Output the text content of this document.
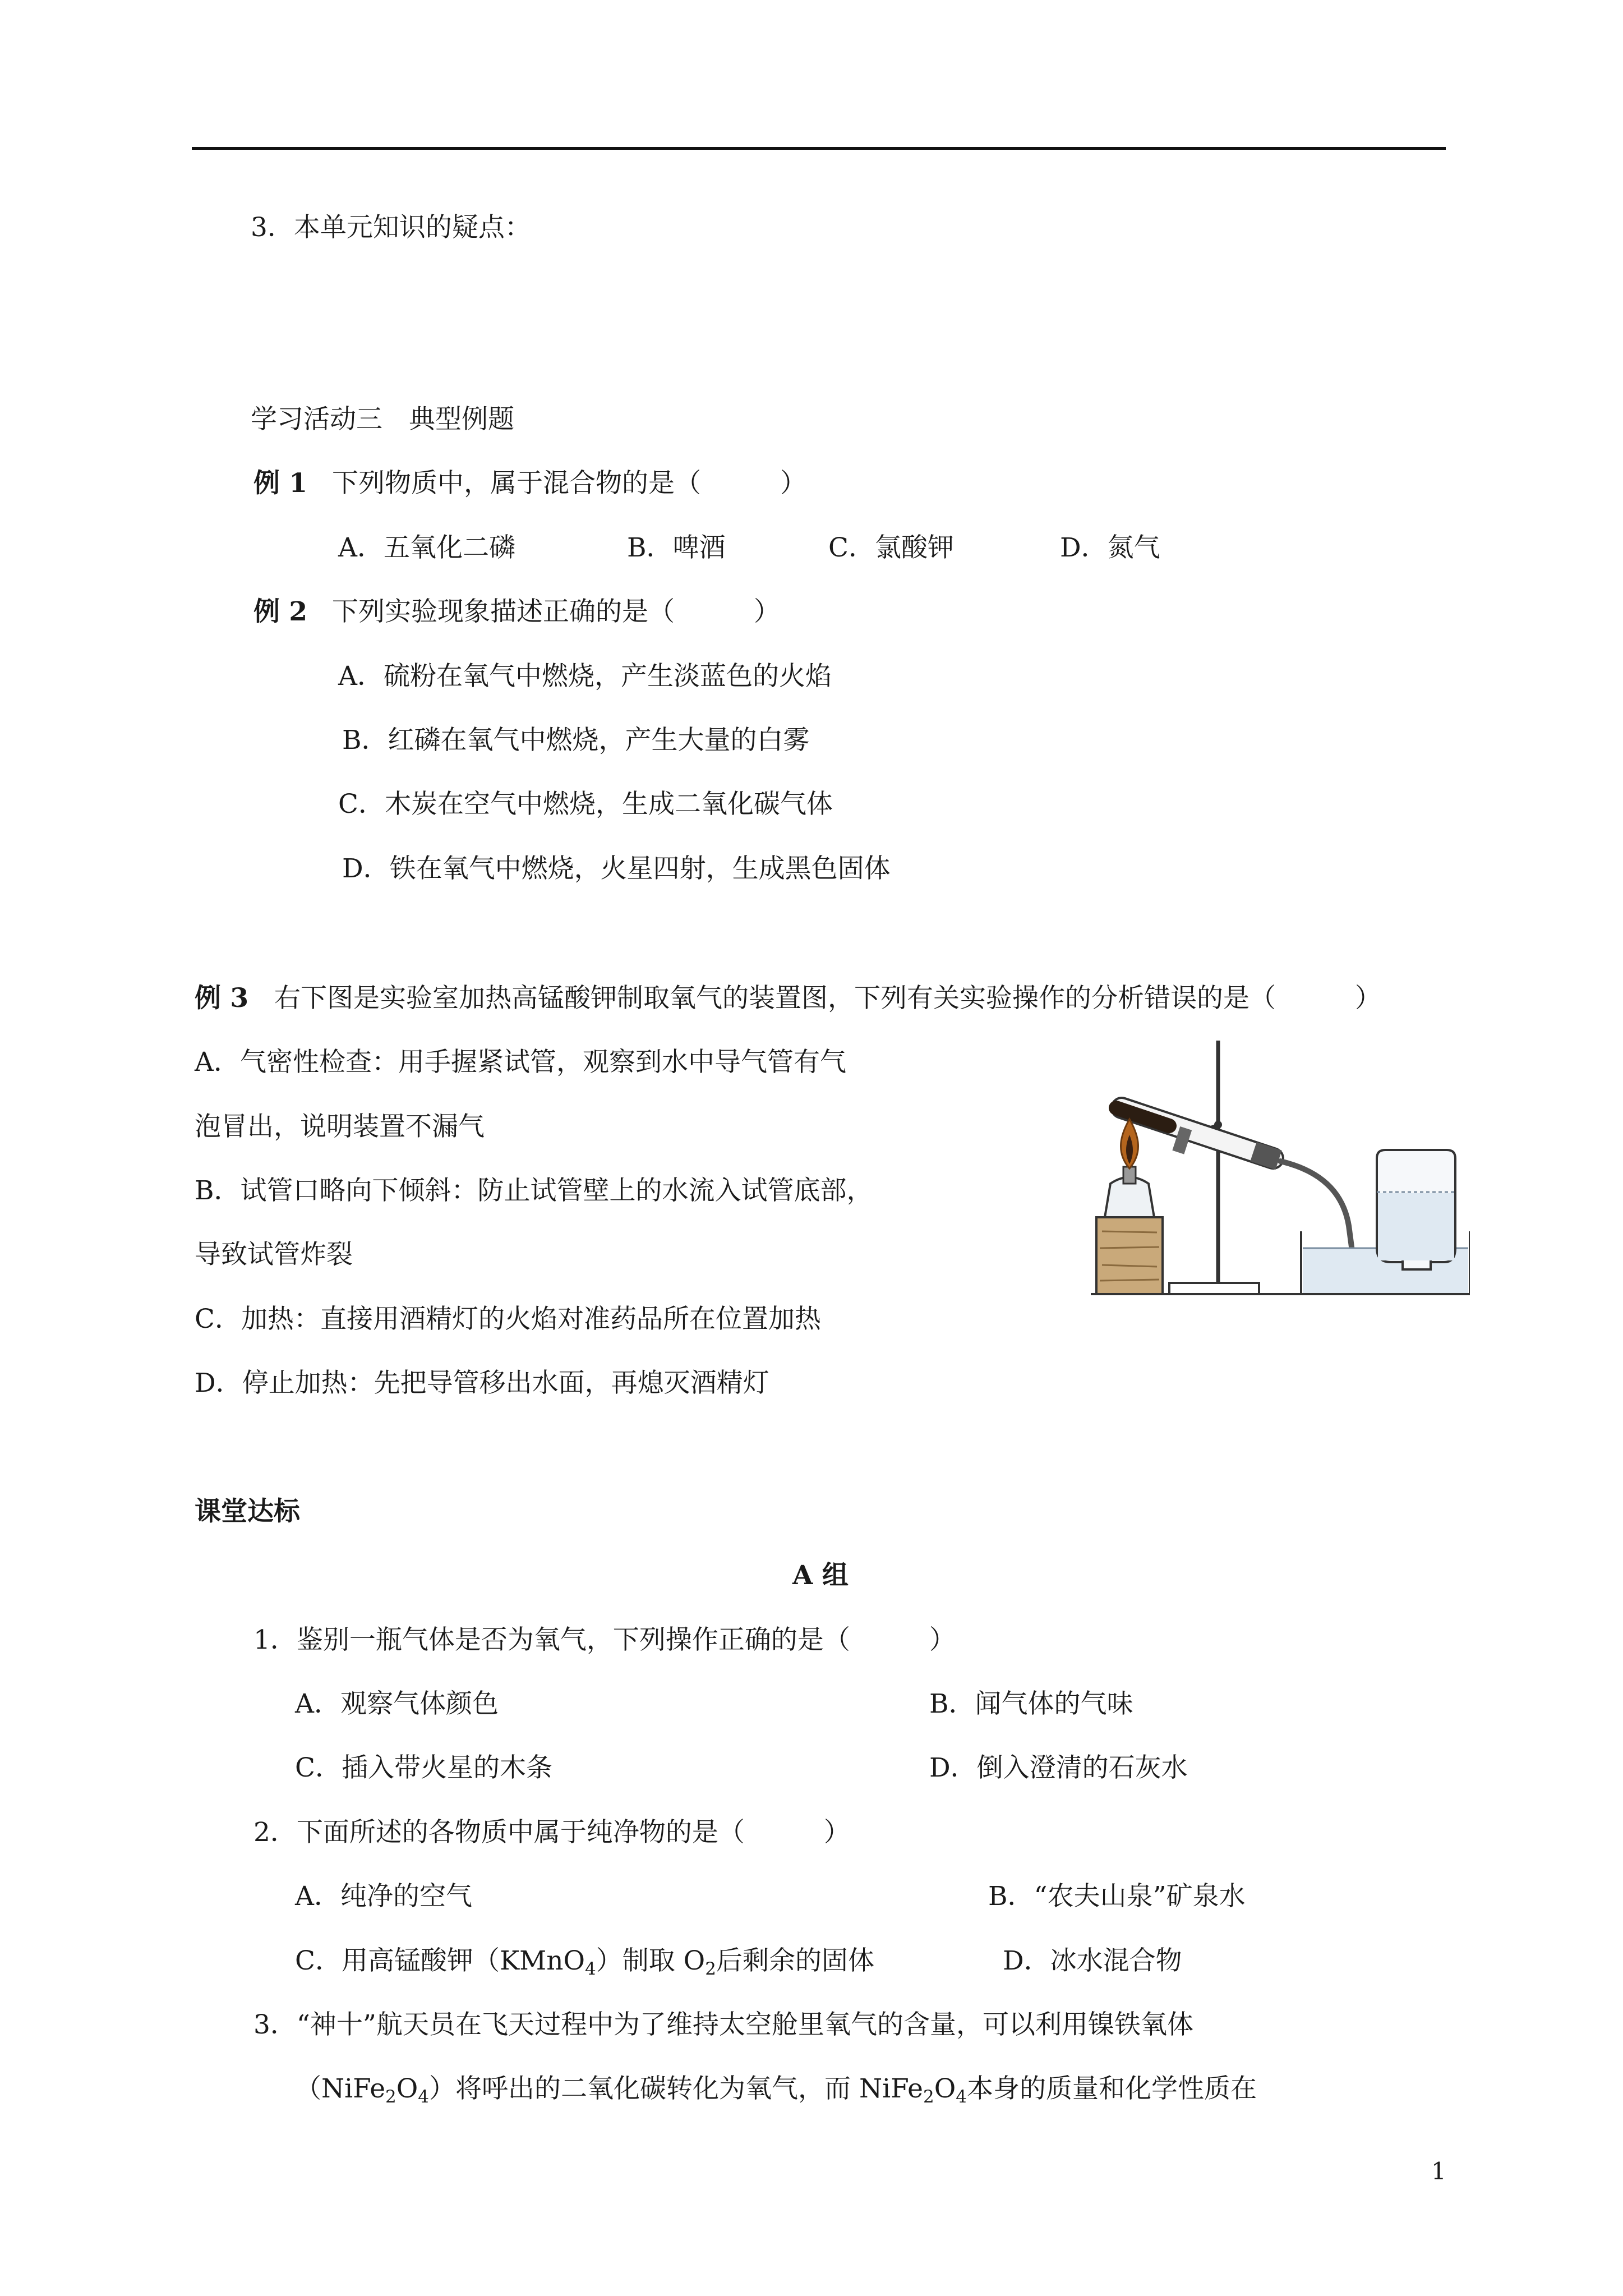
3．本单元知识的疑点：
学习活动三　典型例题
例 1 下列物质中，属于混合物的是（　　　）
A．五氧化二磷	B．啤酒	C．氯酸钾	D．氮气
例 2 下列实验现象描述正确的是（　　　）
A．硫粉在氧气中燃烧，产生淡蓝色的火焰
B．红磷在氧气中燃烧，产生大量的白雾
C．木炭在空气中燃烧，生成二氧化碳气体
D．铁在氧气中燃烧，火星四射，生成黑色固体
例 3 右下图是实验室加热高锰酸钾制取氧气的装置图，下列有关实验操作的分析错误的是（　　　）
A．气密性检查：用手握紧试管，观察到水中导气管有气
泡冒出，说明装置不漏气
B．试管口略向下倾斜：防止试管壁上的水流入试管底部，
导致试管炸裂
C．加热：直接用酒精灯的火焰对准药品所在位置加热
D．停止加热：先把导管移出水面，再熄灭酒精灯
课堂达标
A 组
1．鉴别一瓶气体是否为氧气，下列操作正确的是（　　　）
A．观察气体颜色	B．闻气体的气味
C．插入带火星的木条	D．倒入澄清的石灰水
2．下面所述的各物质中属于纯净物的是（　　　）
A．纯净的空气	B．“农夫山泉”矿泉水
C．用高锰酸钾（KMnO4）制取 O2后剩余的固体	D．冰水混合物
3．“神十”航天员在飞天过程中为了维持太空舱里氧气的含量，可以利用镍铁氧体
（NiFe2O4）将呼出的二氧化碳转化为氧气，而 NiFe2O4本身的质量和化学性质在
1
